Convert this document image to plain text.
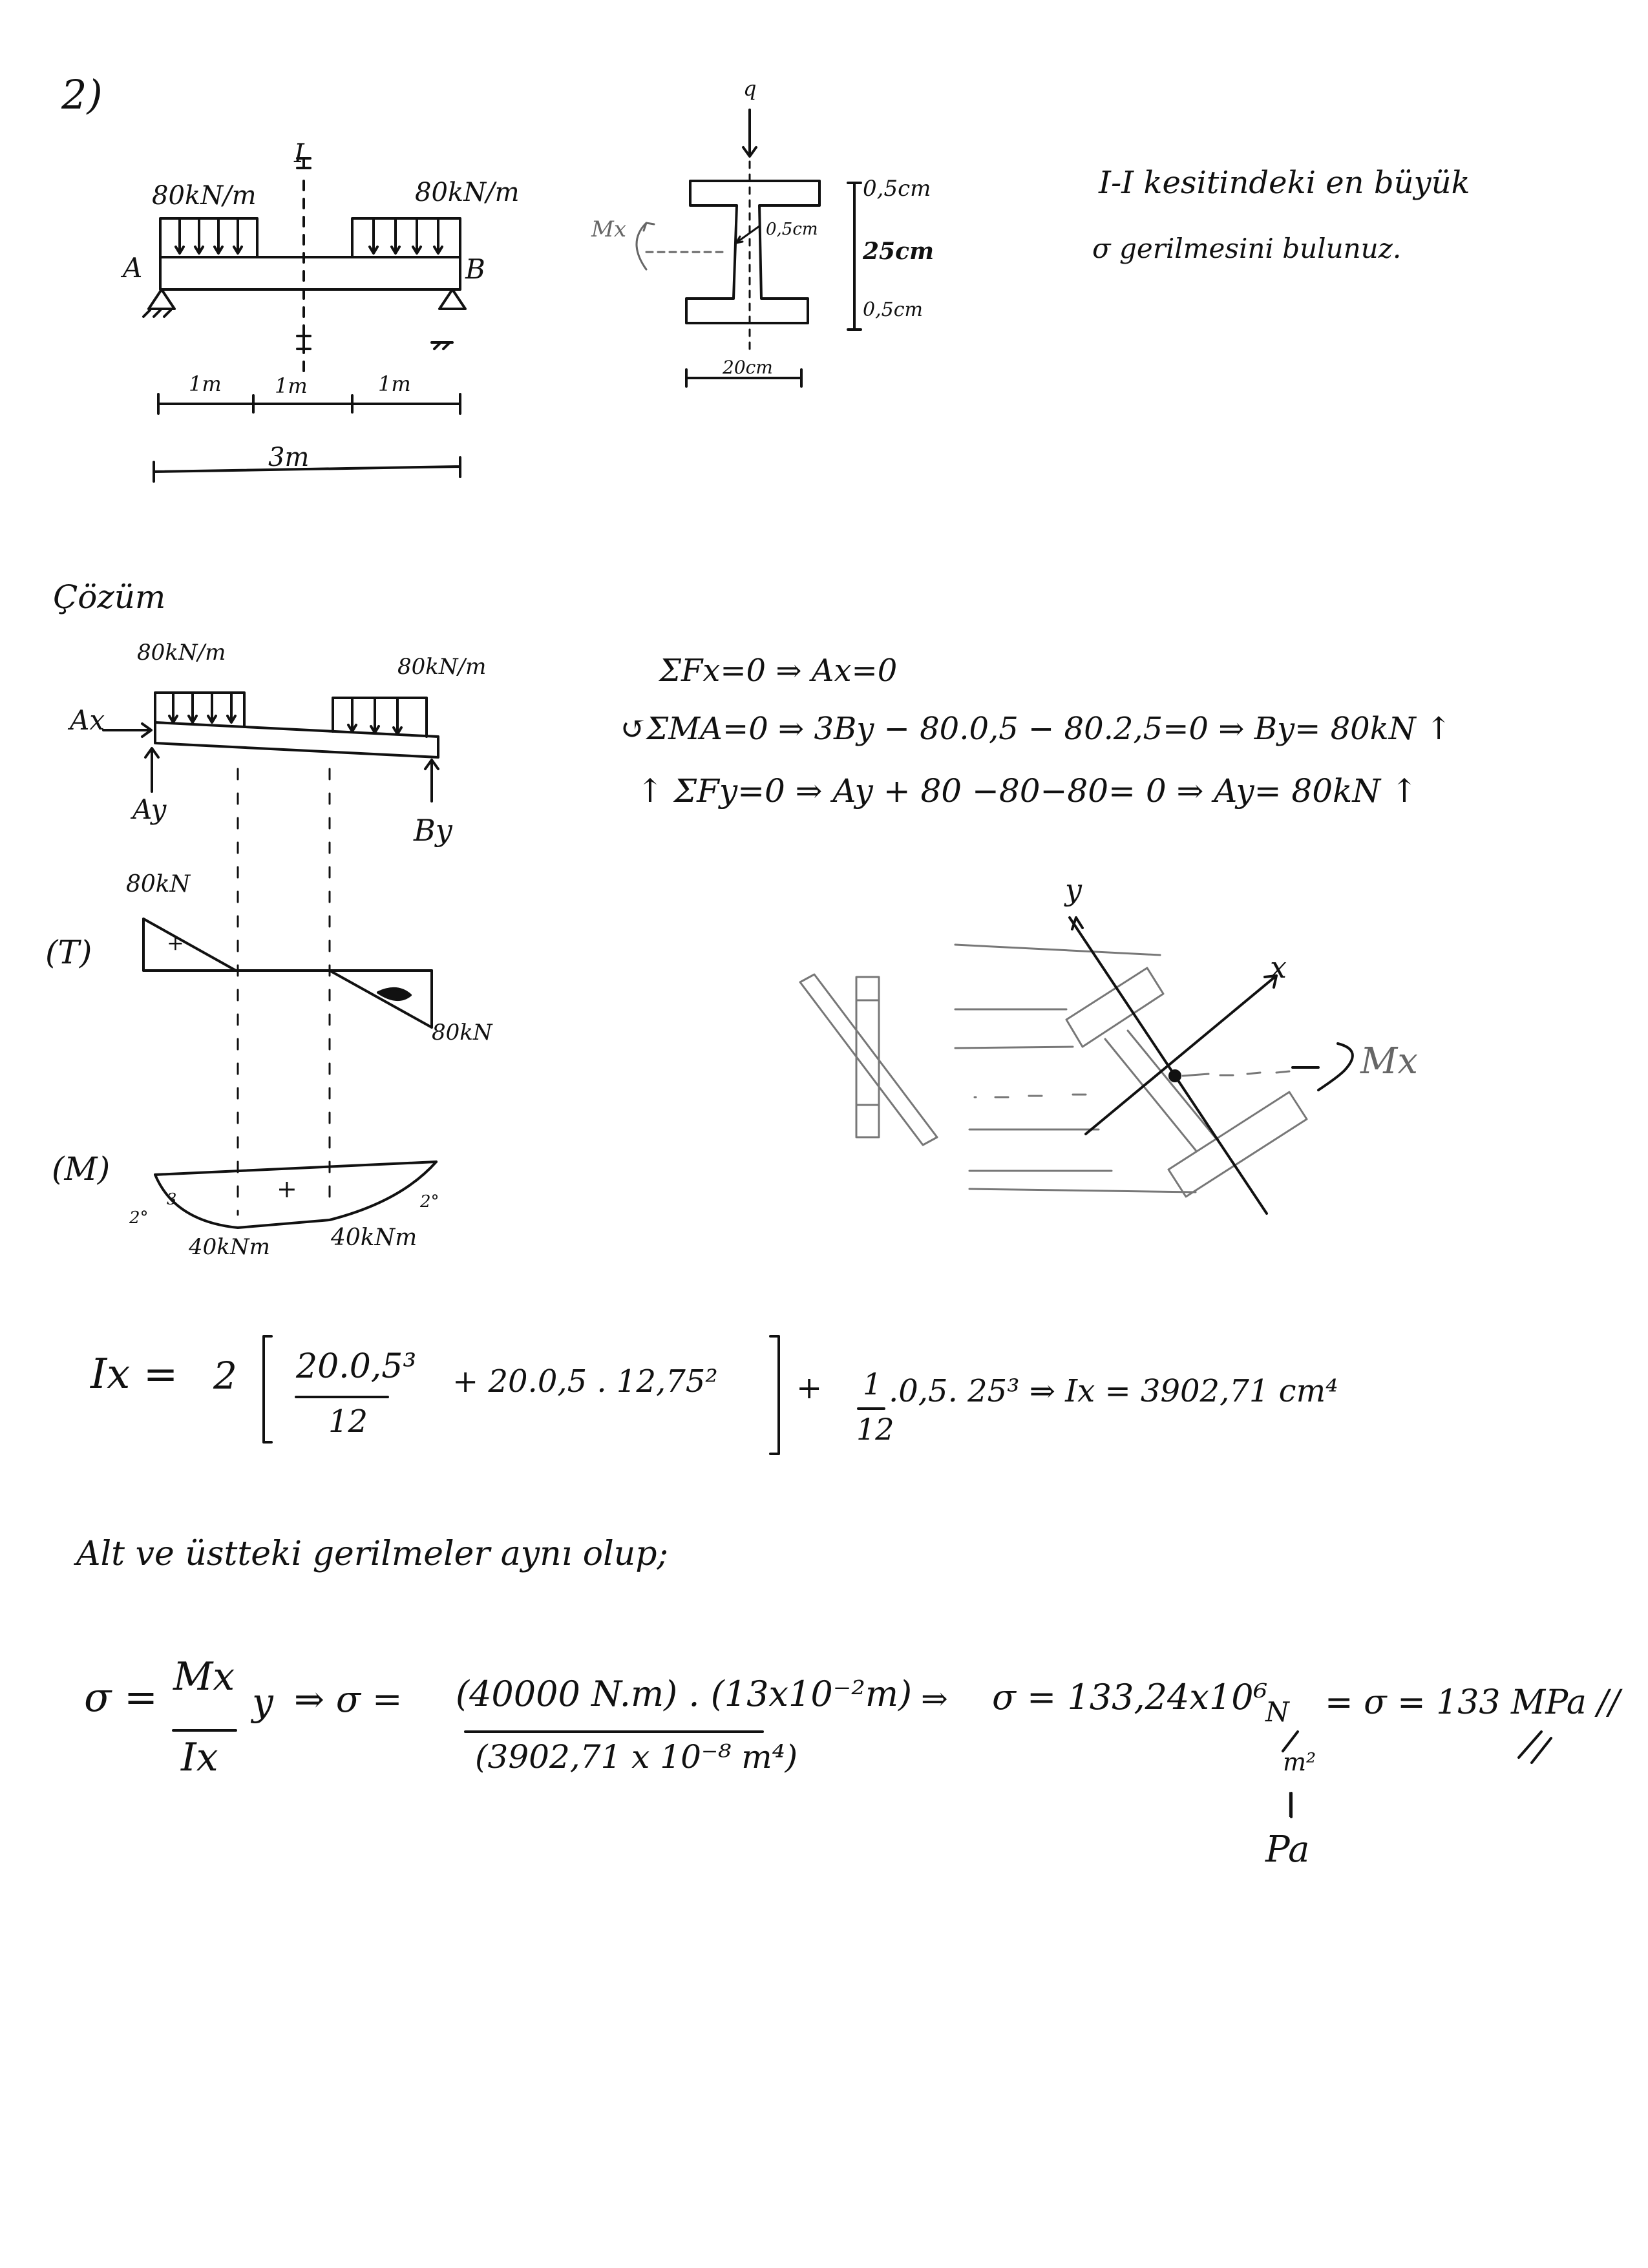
2)
I
80kN/m	80kN/m
A	B
1m	1m	1m
3m
q
Mx	0,5cm
0,5cm
25cm
0,5cm
20cm
I-I kesitindeki en büyük
σ gerilmesini bulunuz.
Çözüm
80kN/m
80kN/m
Ax
Ay
By
ΣFx=0 ⇒ Ax=0
↺ΣMA=0 ⇒ 3By − 80.0,5 − 80.2,5=0 ⇒ By= 80kN ↑
↑ ΣFy=0 ⇒ Ay + 80 −80−80= 0 ⇒ Ay= 80kN ↑
(T)
80kN
+
80kN
(M)
2°
3	2°
+
40kNm	40kNm
y
x
Mx
Ix = 2 20.0,5³
12
+ 20.0,5 . 12,75²	+ 1
12
.0,5. 25³ ⇒ Ix = 3902,71 cm⁴
Alt ve üstteki gerilmeler aynı olup;
σ = Mx
Ix
y ⇒ σ = (40000 N.m) . (13x10⁻²m)
(3902,71 x 10⁻⁸ m⁴)
⇒ σ = 133,24x10⁶
N
m²
= σ = 133 MPa //
|
Pa
